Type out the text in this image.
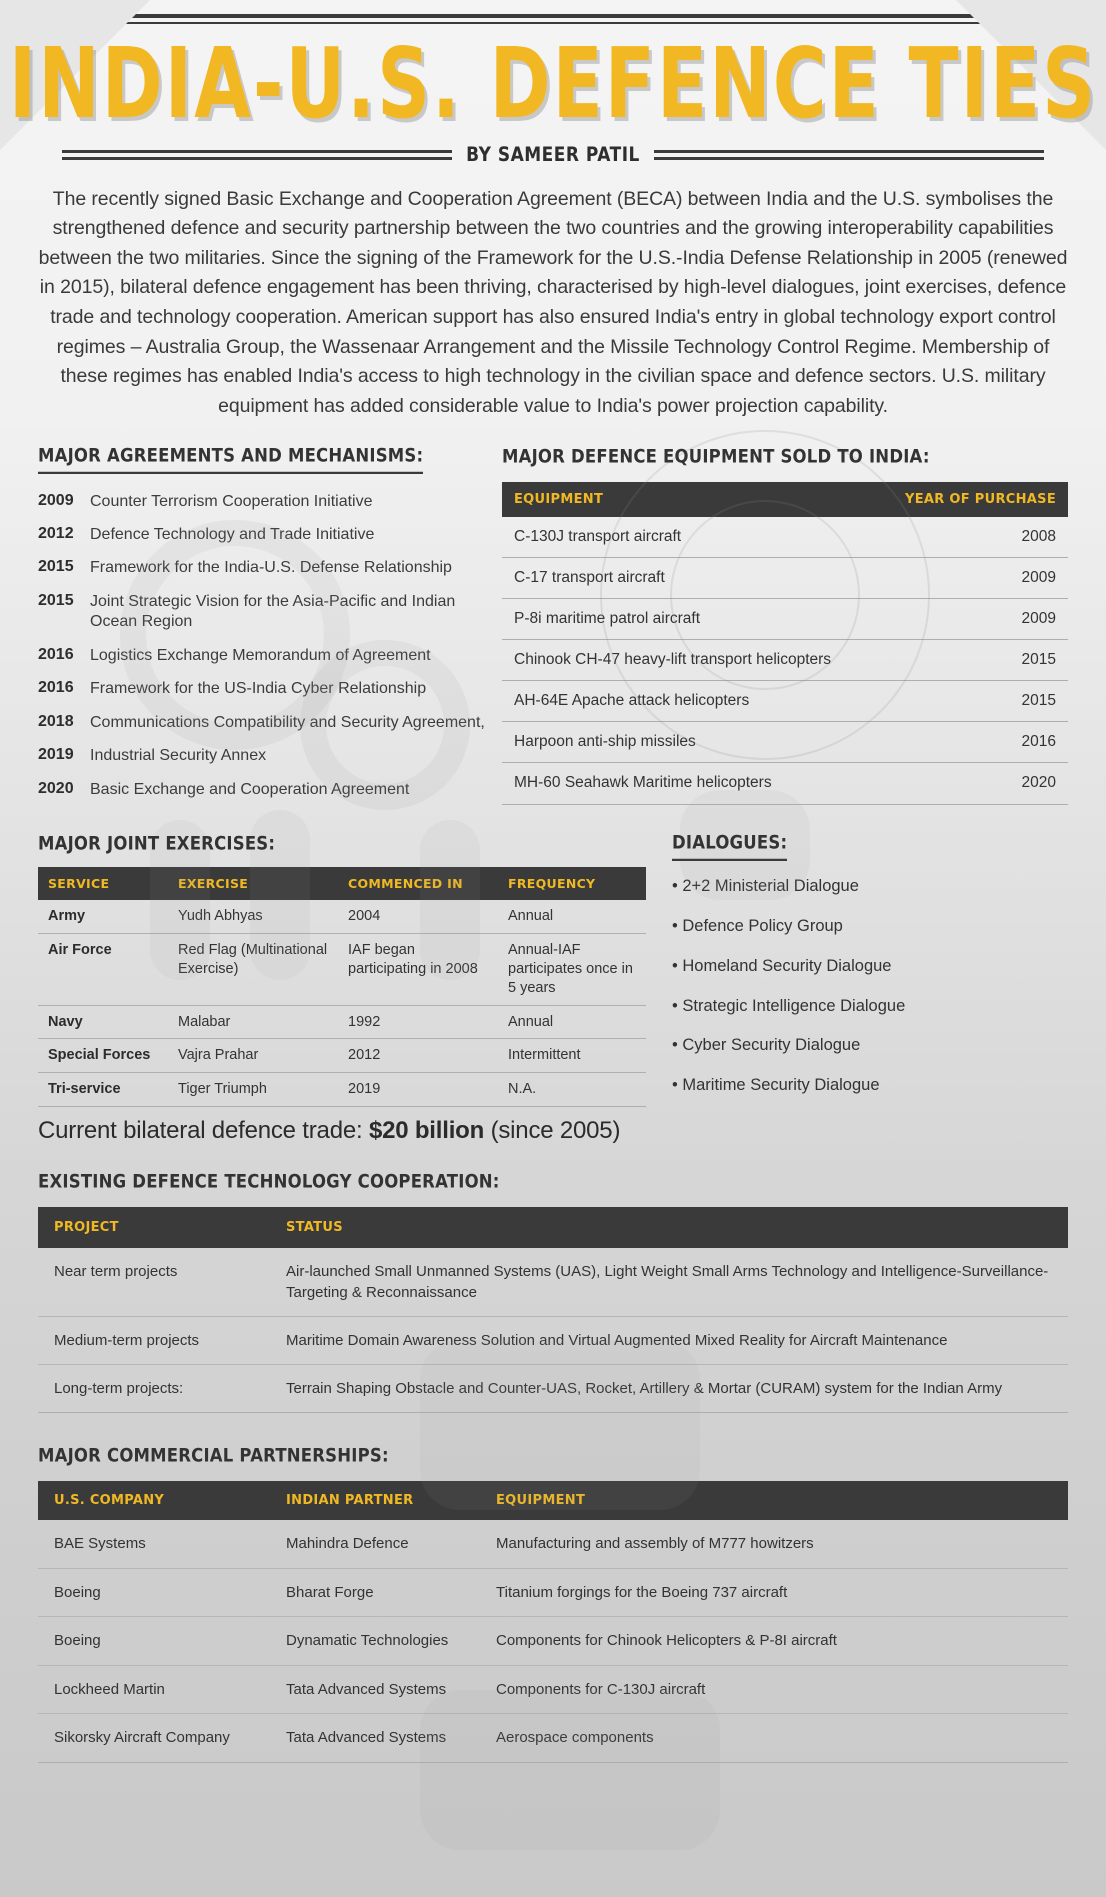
INDIA-U.S. DEFENCE TIES
BY SAMEER PATIL
The recently signed Basic Exchange and Cooperation Agreement (BECA) between India and the U.S. symbolises the strengthened defence and security partnership between the two countries and the growing interoperability capabilities between the two militaries. Since the signing of the Framework for the U.S.-India Defense Relationship in 2005 (renewed in 2015), bilateral defence engagement has been thriving, characterised by high-level dialogues, joint exercises, defence trade and technology cooperation. American support has also ensured India's entry in global technology export control regimes – Australia Group, the Wassenaar Arrangement and the Missile Technology Control Regime. Membership of these regimes has enabled India's access to high technology in the civilian space and defence sectors. U.S. military equipment has added considerable value to India's power projection capability.
MAJOR AGREEMENTS AND MECHANISMS:
2009	Counter Terrorism Cooperation Initiative
2012	Defence Technology and Trade Initiative
2015	Framework for the India-U.S. Defense Relationship
2015	Joint Strategic Vision for the Asia-Pacific and Indian Ocean Region
2016	Logistics Exchange Memorandum of Agreement
2016	Framework for the US-India Cyber Relationship
2018	Communications Compatibility and Security Agreement,
2019	Industrial Security Annex
2020	Basic Exchange and Cooperation Agreement
MAJOR DEFENCE EQUIPMENT SOLD TO INDIA:
EQUIPMENT	YEAR OF PURCHASE
C-130J transport aircraft	2008
C-17 transport aircraft	2009
P-8i maritime patrol aircraft	2009
Chinook CH-47 heavy-lift transport helicopters	2015
AH-64E Apache attack helicopters	2015
Harpoon anti-ship missiles	2016
MH-60 Seahawk Maritime helicopters	2020
MAJOR JOINT EXERCISES:
SERVICE	EXERCISE	COMMENCED IN	FREQUENCY
Army	Yudh Abhyas	2004	Annual
Air Force	Red Flag (Multinational Exercise)	IAF began participating in 2008	Annual-IAF participates once in 5 years
Navy	Malabar	1992	Annual
Special Forces	Vajra Prahar	2012	Intermittent
Tri-service	Tiger Triumph	2019	N.A.
Current bilateral defence trade: $20 billion (since 2005)
DIALOGUES:
• 2+2 Ministerial Dialogue
• Defence Policy Group
• Homeland Security Dialogue
• Strategic Intelligence Dialogue
• Cyber Security Dialogue
• Maritime Security Dialogue
EXISTING DEFENCE TECHNOLOGY COOPERATION:
PROJECT	STATUS
Near term projects	Air-launched Small Unmanned Systems (UAS), Light Weight Small Arms Technology and Intelligence-Surveillance-Targeting & Reconnaissance
Medium-term projects	Maritime Domain Awareness Solution and Virtual Augmented Mixed Reality for Aircraft Maintenance
Long-term projects:	Terrain Shaping Obstacle and Counter-UAS, Rocket, Artillery & Mortar (CURAM) system for the Indian Army
MAJOR COMMERCIAL PARTNERSHIPS:
U.S. COMPANY	INDIAN PARTNER	EQUIPMENT
BAE Systems	Mahindra Defence	Manufacturing and assembly of M777 howitzers
Boeing	Bharat Forge	Titanium forgings for the Boeing 737 aircraft
Boeing	Dynamatic Technologies	Components for Chinook Helicopters & P-8I aircraft
Lockheed Martin	Tata Advanced Systems	Components for C-130J aircraft
Sikorsky Aircraft Company	Tata Advanced Systems	Aerospace components
